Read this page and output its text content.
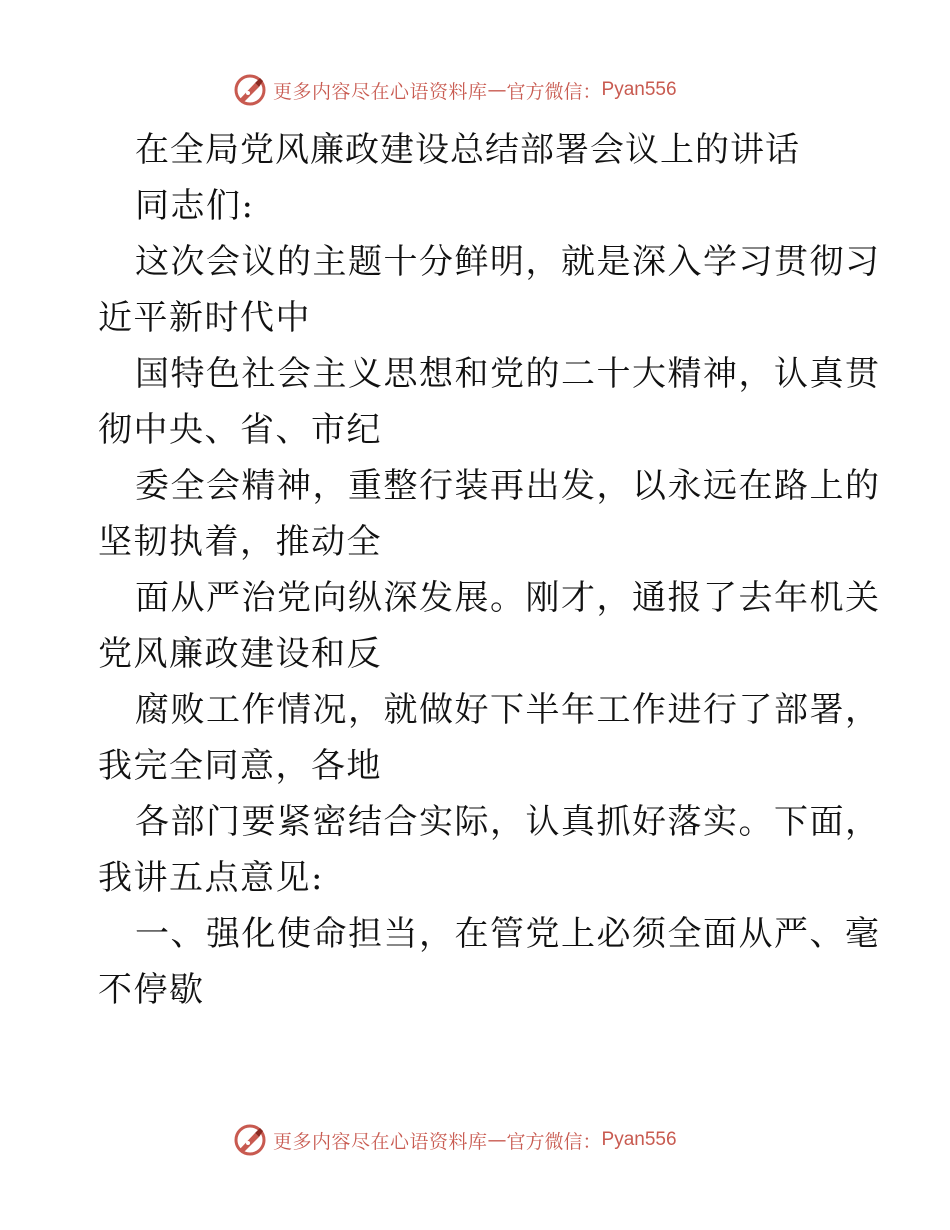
更多内容尽在心语资料库 — 官方微信： Pyan556
在全局党风廉政建设总结部署会议上的讲话
同志们:
这次会议的主题十分鲜明，就是深入学习贯彻习
近平新时代中
国特色社会主义思想和党的二十大精神，认真贯
彻中央、省、市纪
委全会精神，重整行装再出发，以永远在路上的
坚韧执着，推动全
面从严治党向纵深发展。刚才，通报了去年机关
党风廉政建设和反
腐败工作情况，就做好下半年工作进行了部署，
我完全同意，各地
各部门要紧密结合实际，认真抓好落实。下面，
我讲五点意见:
一、强化使命担当，在管党上必须全面从严、毫
不停歇
更多内容尽在心语资料库 — 官方微信： Pyan556
